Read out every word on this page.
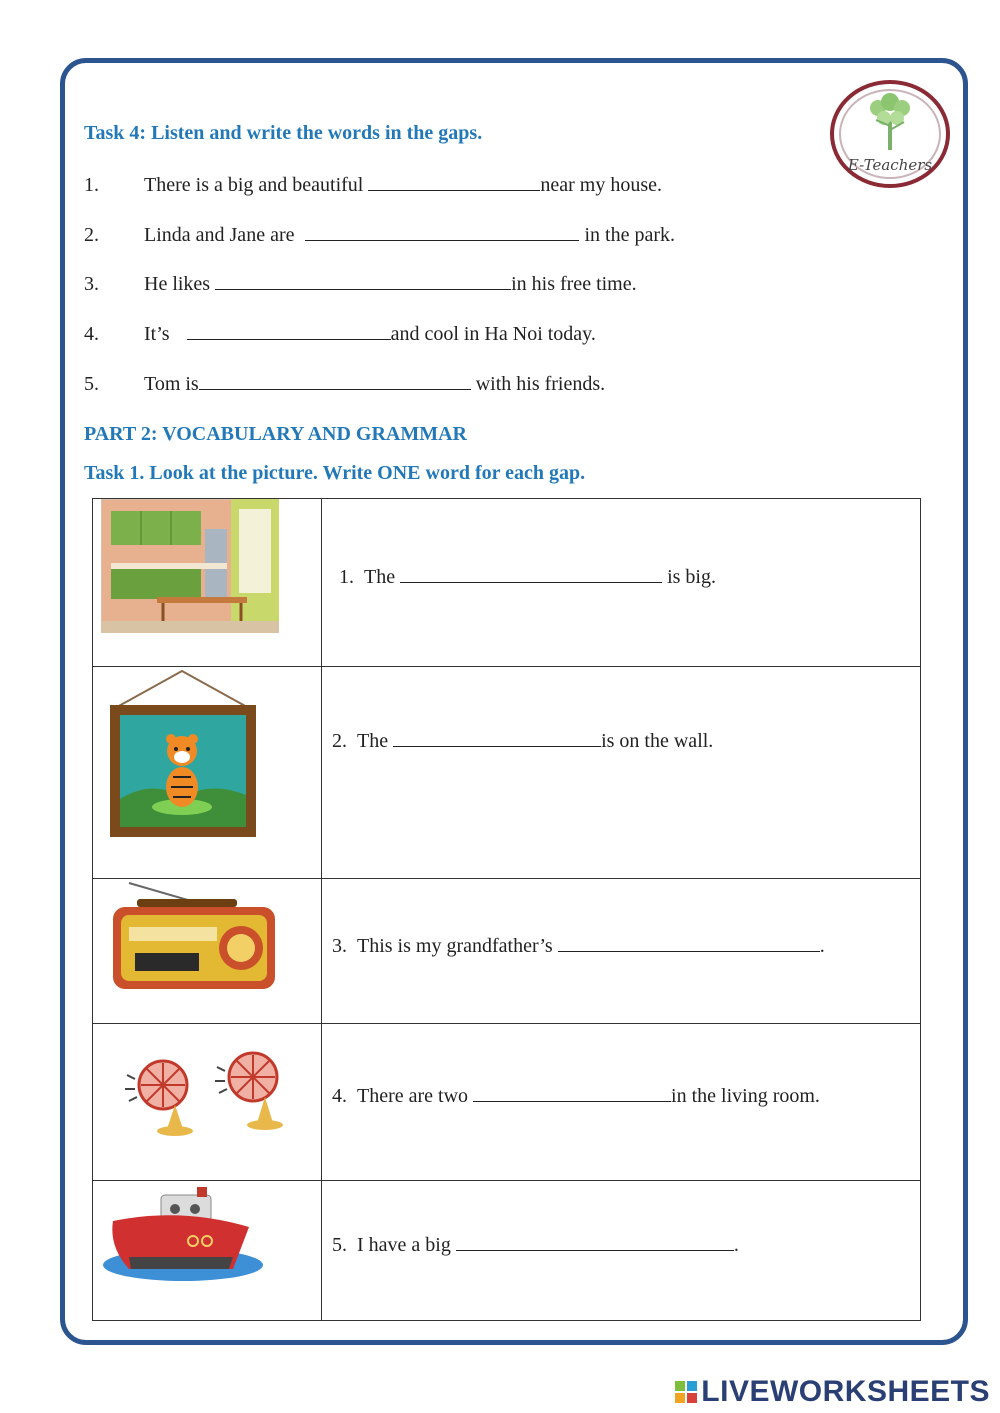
E-Teachers
Task 4: Listen and write the words in the gaps.
1. There is a big and beautiful	near my house.
2. Linda and Jane are	in the park.
3. He likes	in his free time.
4. It’s	and cool in Ha Noi today.
5. Tom is	with his friends.
PART 2: VOCABULARY AND GRAMMAR
Task 1. Look at the picture. Write ONE word for each gap.
1. The	is big.
2. The	is on the wall.
3. This is my grandfather’s	.
4. There are two	in the living room.
5. I have a big	.
LIVEWORKSHEETS
